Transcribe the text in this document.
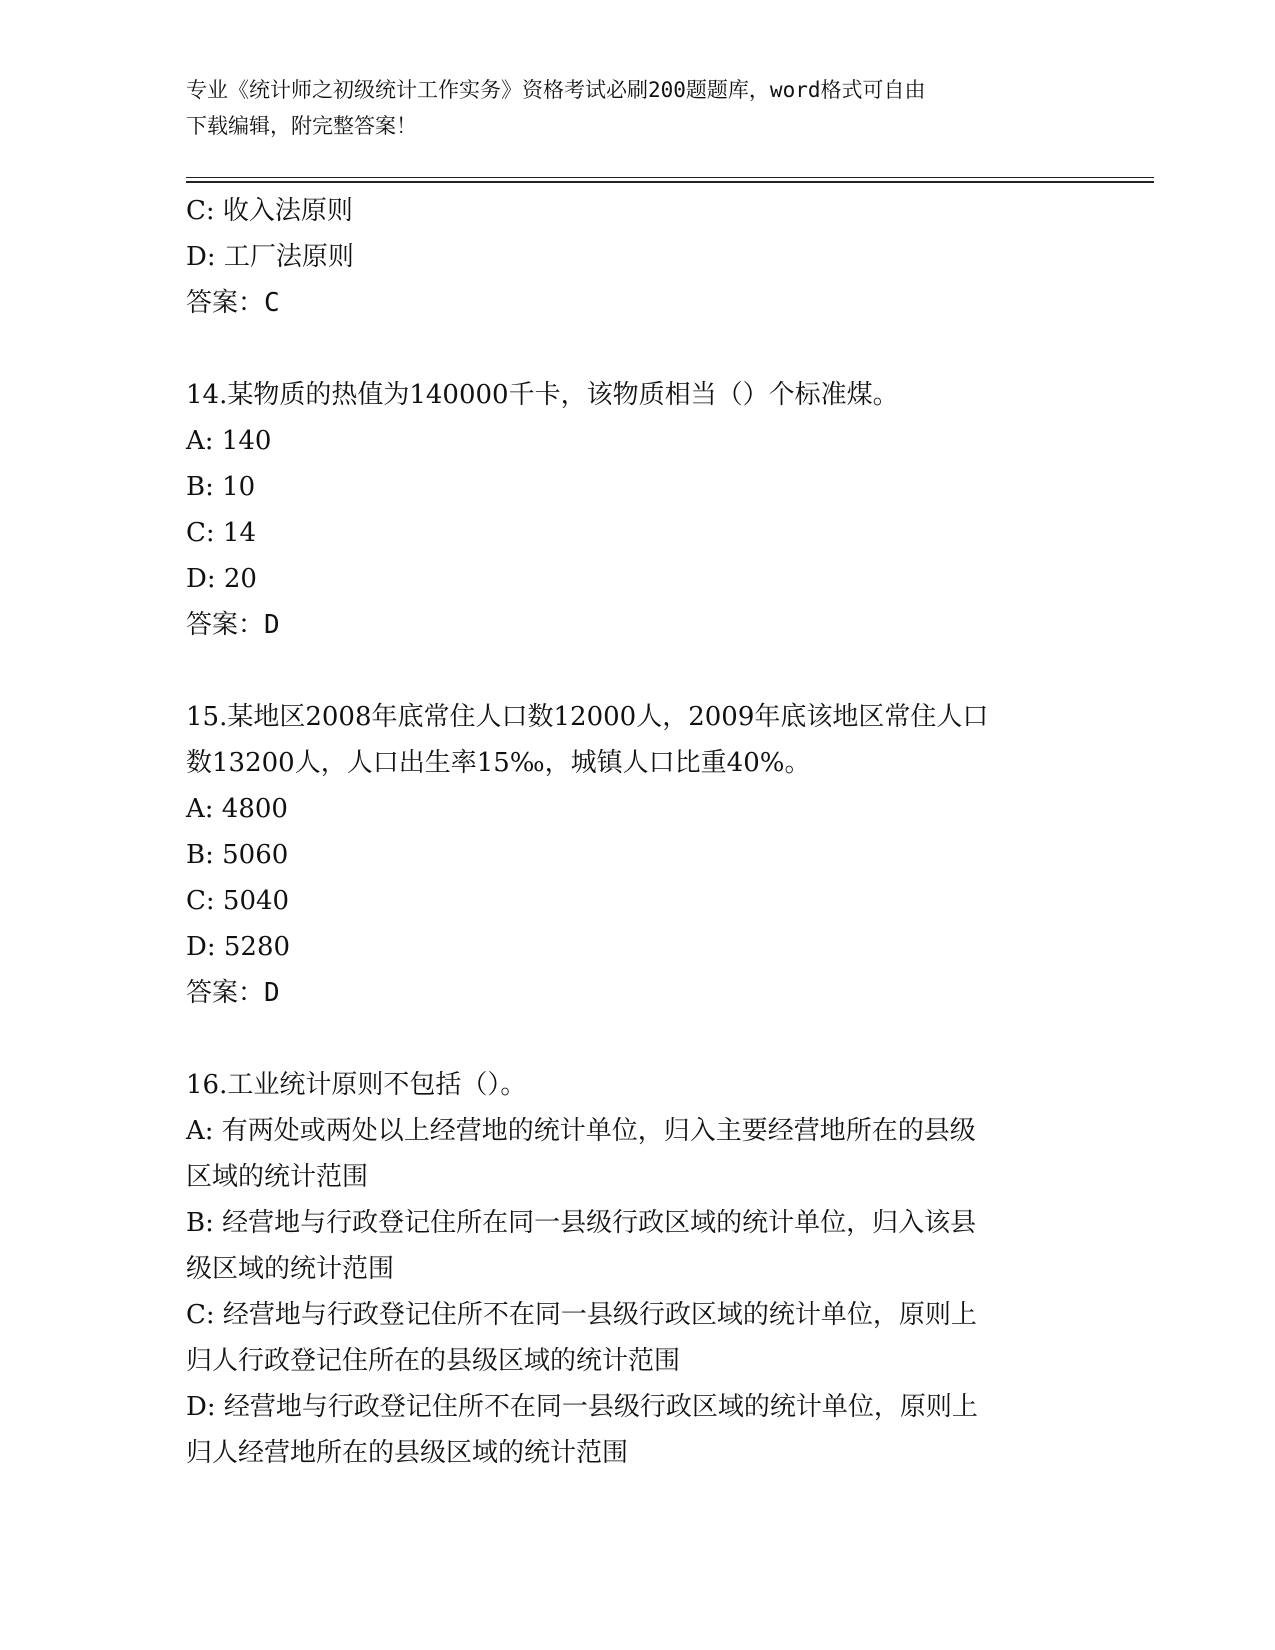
专业《统计师之初级统计工作实务》资格考试必刷200题题库，word格式可自由
下载编辑，附完整答案！
C: 收入法原则
D: 工厂法原则
答案：C
14.某物质的热值为140000千卡，该物质相当（）个标准煤。
A: 140
B: 10
C: 14
D: 20
答案：D
15.某地区2008年底常住人口数12000人，2009年底该地区常住人口
数13200人，人口出生率15‰，城镇人口比重40%。
A: 4800
B: 5060
C: 5040
D: 5280
答案：D
16.工业统计原则不包括（）。
A: 有两处或两处以上经营地的统计单位，归入主要经营地所在的县级
区域的统计范围
B: 经营地与行政登记住所在同一县级行政区域的统计单位，归入该县
级区域的统计范围
C: 经营地与行政登记住所不在同一县级行政区域的统计单位，原则上
归人行政登记住所在的县级区域的统计范围
D: 经营地与行政登记住所不在同一县级行政区域的统计单位，原则上
归人经营地所在的县级区域的统计范围
